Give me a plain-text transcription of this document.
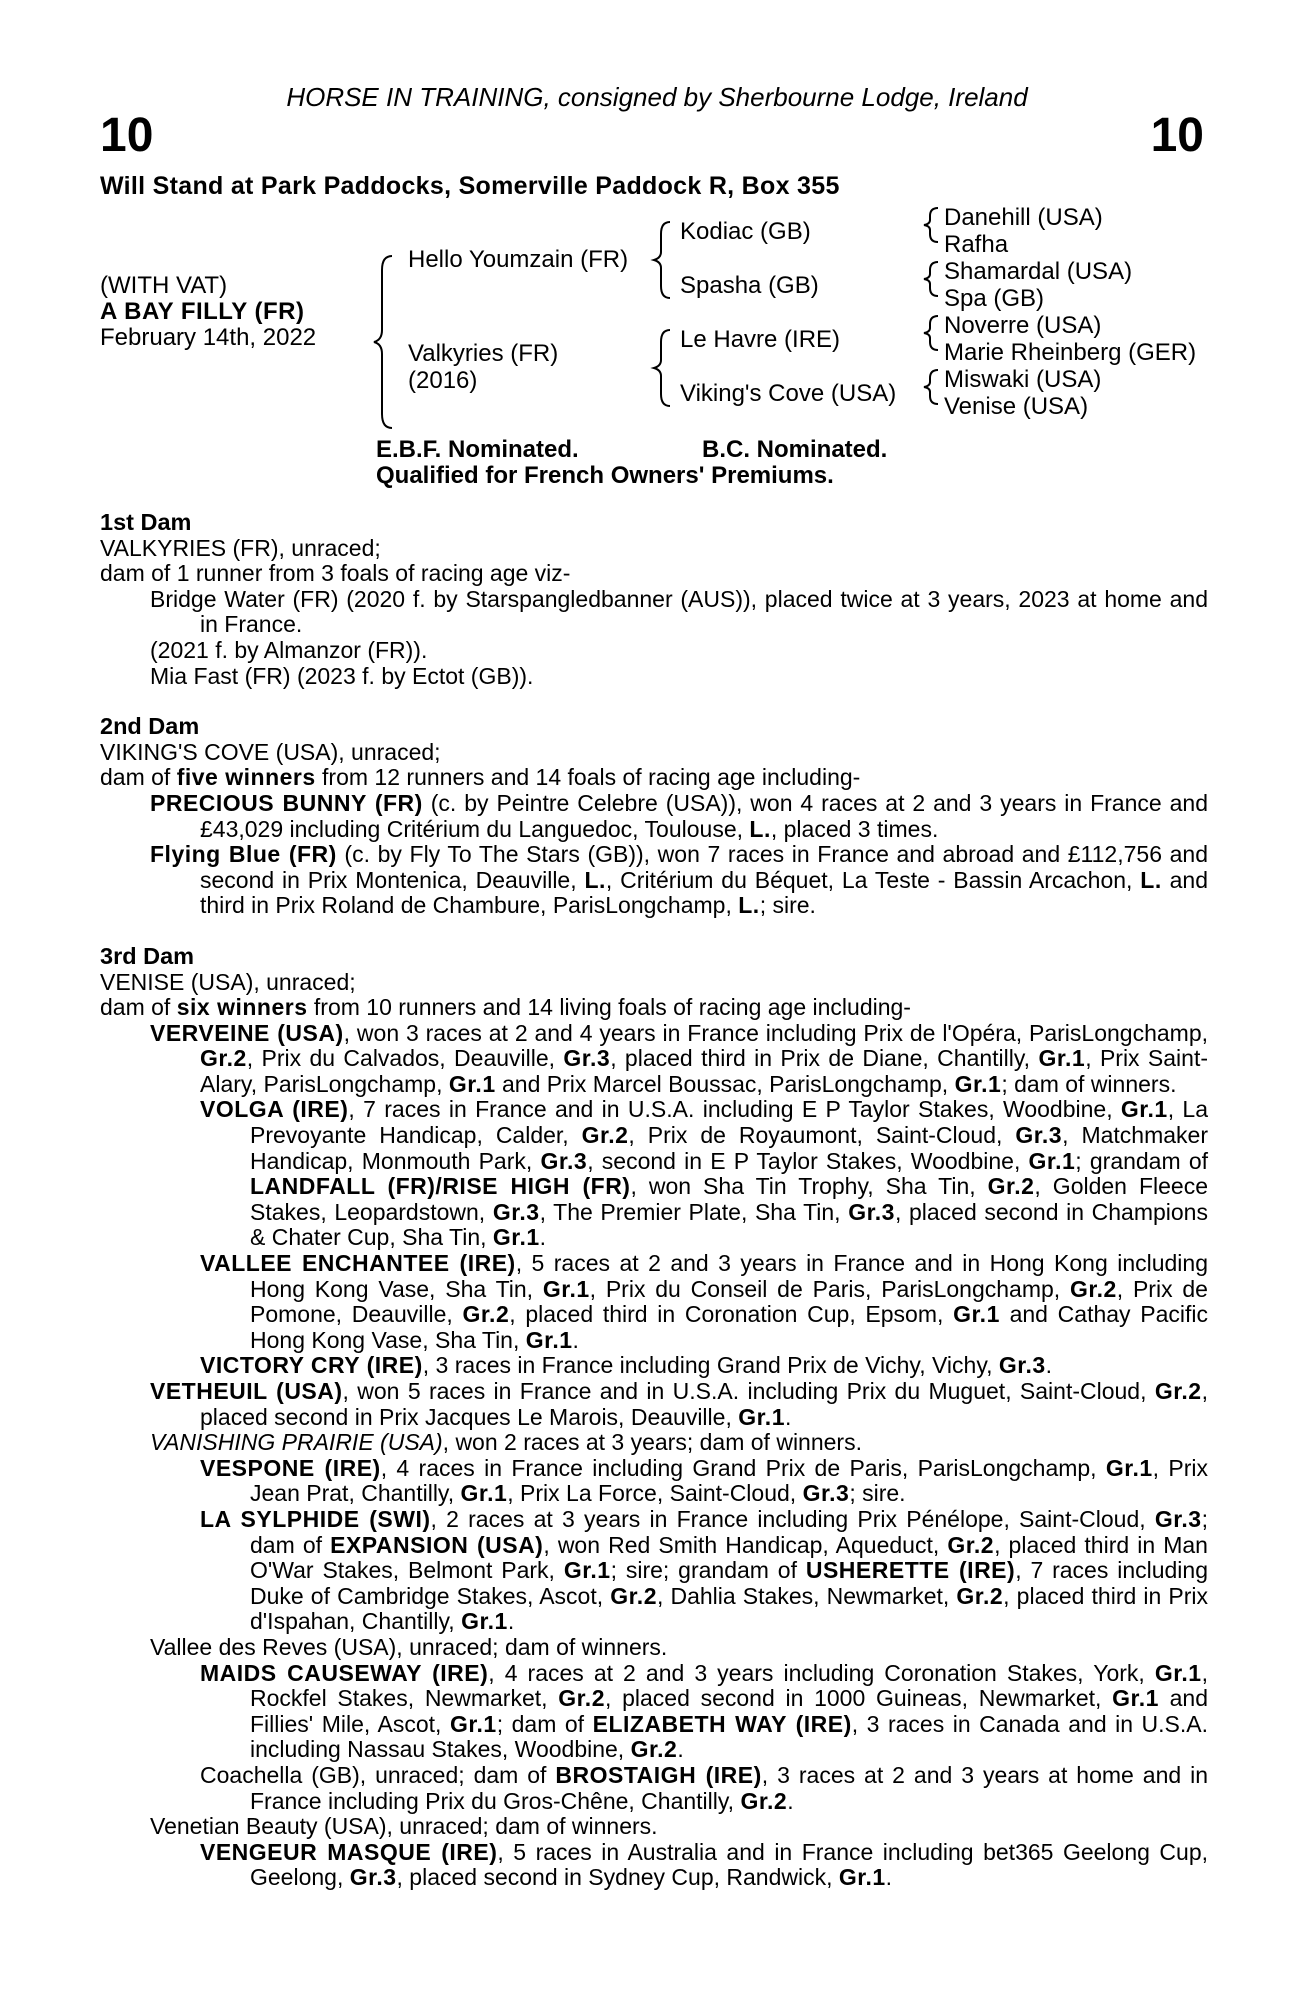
HORSE IN TRAINING, consigned by Sherbourne Lodge, Ireland
10	10
Will Stand at Park Paddocks, Somerville Paddock R, Box 355
(WITH VAT)
A BAY FILLY (FR)
February 14th, 2022
Hello Youmzain (FR)
Valkyries (FR)
(2016)
Kodiac (GB)
Spasha (GB)
Le Havre (IRE)
Viking's Cove (USA)
Danehill (USA)
Rafha
Shamardal (USA)
Spa (GB)
Noverre (USA)
Marie Rheinberg (GER)
Miswaki (USA)
Venise (USA)
E.B.F. Nominated.	B.C. Nominated.
Qualified for French Owners' Premiums.
1st Dam

VALKYRIES (FR), unraced;

dam of 1 runner from 3 foals of racing age viz-

Bridge Water (FR) (2020 f. by Starspangledbanner (AUS)), placed twice at 3 years, 2023 at home and in France.

(2021 f. by Almanzor (FR)).

Mia Fast (FR) (2023 f. by Ectot (GB)).

2nd Dam

VIKING'S COVE (USA), unraced;

dam of five winners from 12 runners and 14 foals of racing age including-

PRECIOUS BUNNY (FR) (c. by Peintre Celebre (USA)), won 4 races at 2 and 3 years in France and £43,029 including Critérium du Languedoc, Toulouse, L., placed 3 times.

Flying Blue (FR) (c. by Fly To The Stars (GB)), won 7 races in France and abroad and £112,756 and second in Prix Montenica, Deauville, L., Critérium du Béquet, La Teste - Bassin Arcachon, L. and third in Prix Roland de Chambure, ParisLongchamp, L.; sire.

3rd Dam

VENISE (USA), unraced;

dam of six winners from 10 runners and 14 living foals of racing age including-

VERVEINE (USA), won 3 races at 2 and 4 years in France including Prix de l'Opéra, ParisLongchamp, Gr.2, Prix du Calvados, Deauville, Gr.3, placed third in Prix de Diane, Chantilly, Gr.1, Prix Saint-Alary, ParisLongchamp, Gr.1 and Prix Marcel Boussac, ParisLongchamp, Gr.1; dam of winners.

VOLGA (IRE), 7 races in France and in U.S.A. including E P Taylor Stakes, Woodbine, Gr.1, La Prevoyante Handicap, Calder, Gr.2, Prix de Royaumont, Saint-Cloud, Gr.3, Matchmaker Handicap, Monmouth Park, Gr.3, second in E P Taylor Stakes, Woodbine, Gr.1; grandam of LANDFALL (FR)/RISE HIGH (FR), won Sha Tin Trophy, Sha Tin, Gr.2, Golden Fleece Stakes, Leopardstown, Gr.3, The Premier Plate, Sha Tin, Gr.3, placed second in Champions & Chater Cup, Sha Tin, Gr.1.

VALLEE ENCHANTEE (IRE), 5 races at 2 and 3 years in France and in Hong Kong including Hong Kong Vase, Sha Tin, Gr.1, Prix du Conseil de Paris, ParisLongchamp, Gr.2, Prix de Pomone, Deauville, Gr.2, placed third in Coronation Cup, Epsom, Gr.1 and Cathay Pacific Hong Kong Vase, Sha Tin, Gr.1.

VICTORY CRY (IRE), 3 races in France including Grand Prix de Vichy, Vichy, Gr.3.

VETHEUIL (USA), won 5 races in France and in U.S.A. including Prix du Muguet, Saint-Cloud, Gr.2, placed second in Prix Jacques Le Marois, Deauville, Gr.1.

VANISHING PRAIRIE (USA), won 2 races at 3 years; dam of winners.

VESPONE (IRE), 4 races in France including Grand Prix de Paris, ParisLongchamp, Gr.1, Prix Jean Prat, Chantilly, Gr.1, Prix La Force, Saint-Cloud, Gr.3; sire.

LA SYLPHIDE (SWI), 2 races at 3 years in France including Prix Pénélope, Saint-Cloud, Gr.3; dam of EXPANSION (USA), won Red Smith Handicap, Aqueduct, Gr.2, placed third in Man O'War Stakes, Belmont Park, Gr.1; sire; grandam of USHERETTE (IRE), 7 races including Duke of Cambridge Stakes, Ascot, Gr.2, Dahlia Stakes, Newmarket, Gr.2, placed third in Prix d'Ispahan, Chantilly, Gr.1.

Vallee des Reves (USA), unraced; dam of winners.

MAIDS CAUSEWAY (IRE), 4 races at 2 and 3 years including Coronation Stakes, York, Gr.1, Rockfel Stakes, Newmarket, Gr.2, placed second in 1000 Guineas, Newmarket, Gr.1 and Fillies' Mile, Ascot, Gr.1; dam of ELIZABETH WAY (IRE), 3 races in Canada and in U.S.A. including Nassau Stakes, Woodbine, Gr.2.

Coachella (GB), unraced; dam of BROSTAIGH (IRE), 3 races at 2 and 3 years at home and in France including Prix du Gros-Chêne, Chantilly, Gr.2.

Venetian Beauty (USA), unraced; dam of winners.

VENGEUR MASQUE (IRE), 5 races in Australia and in France including bet365 Geelong Cup, Geelong, Gr.3, placed second in Sydney Cup, Randwick, Gr.1.
